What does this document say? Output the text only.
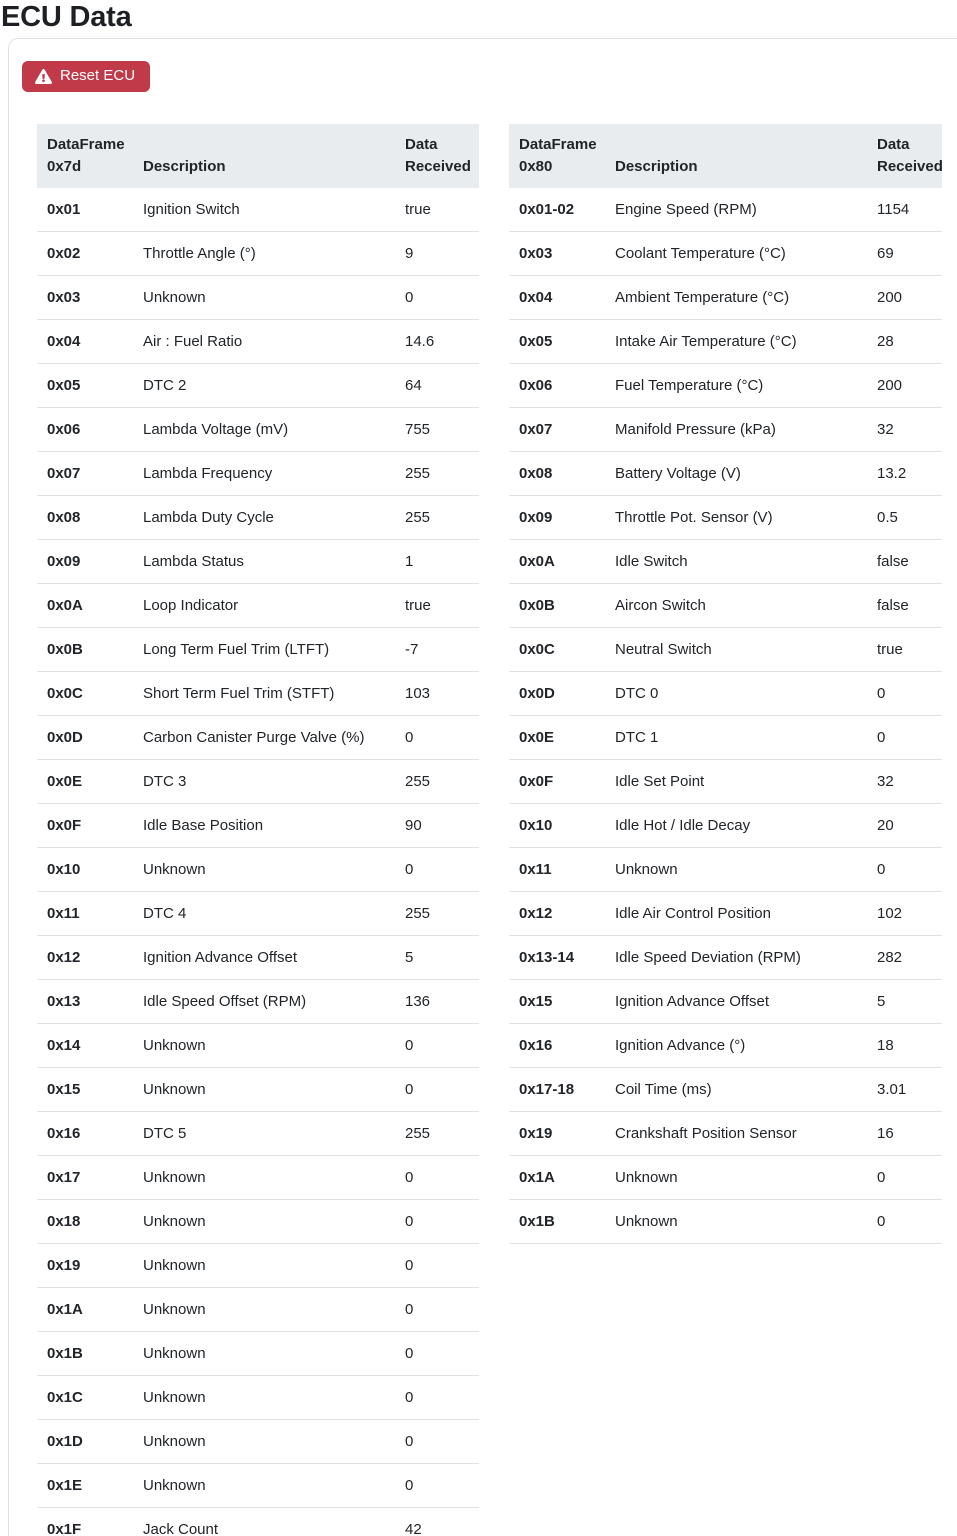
ECU Data
Reset ECU
DataFrame 0x7d	Description	Data Received
0x01	Ignition Switch	true
0x02	Throttle Angle (°)	9
0x03	Unknown	0
0x04	Air : Fuel Ratio	14.6
0x05	DTC 2	64
0x06	Lambda Voltage (mV)	755
0x07	Lambda Frequency	255
0x08	Lambda Duty Cycle	255
0x09	Lambda Status	1
0x0A	Loop Indicator	true
0x0B	Long Term Fuel Trim (LTFT)	-7
0x0C	Short Term Fuel Trim (STFT)	103
0x0D	Carbon Canister Purge Valve (%)	0
0x0E	DTC 3	255
0x0F	Idle Base Position	90
0x10	Unknown	0
0x11	DTC 4	255
0x12	Ignition Advance Offset	5
0x13	Idle Speed Offset (RPM)	136
0x14	Unknown	0
0x15	Unknown	0
0x16	DTC 5	255
0x17	Unknown	0
0x18	Unknown	0
0x19	Unknown	0
0x1A	Unknown	0
0x1B	Unknown	0
0x1C	Unknown	0
0x1D	Unknown	0
0x1E	Unknown	0
0x1F	Jack Count	42
DataFrame 0x80	Description	Data Received
0x01-02	Engine Speed (RPM)	1154
0x03	Coolant Temperature (°C)	69
0x04	Ambient Temperature (°C)	200
0x05	Intake Air Temperature (°C)	28
0x06	Fuel Temperature (°C)	200
0x07	Manifold Pressure (kPa)	32
0x08	Battery Voltage (V)	13.2
0x09	Throttle Pot. Sensor (V)	0.5
0x0A	Idle Switch	false
0x0B	Aircon Switch	false
0x0C	Neutral Switch	true
0x0D	DTC 0	0
0x0E	DTC 1	0
0x0F	Idle Set Point	32
0x10	Idle Hot / Idle Decay	20
0x11	Unknown	0
0x12	Idle Air Control Position	102
0x13-14	Idle Speed Deviation (RPM)	282
0x15	Ignition Advance Offset	5
0x16	Ignition Advance (°)	18
0x17-18	Coil Time (ms)	3.01
0x19	Crankshaft Position Sensor	16
0x1A	Unknown	0
0x1B	Unknown	0
